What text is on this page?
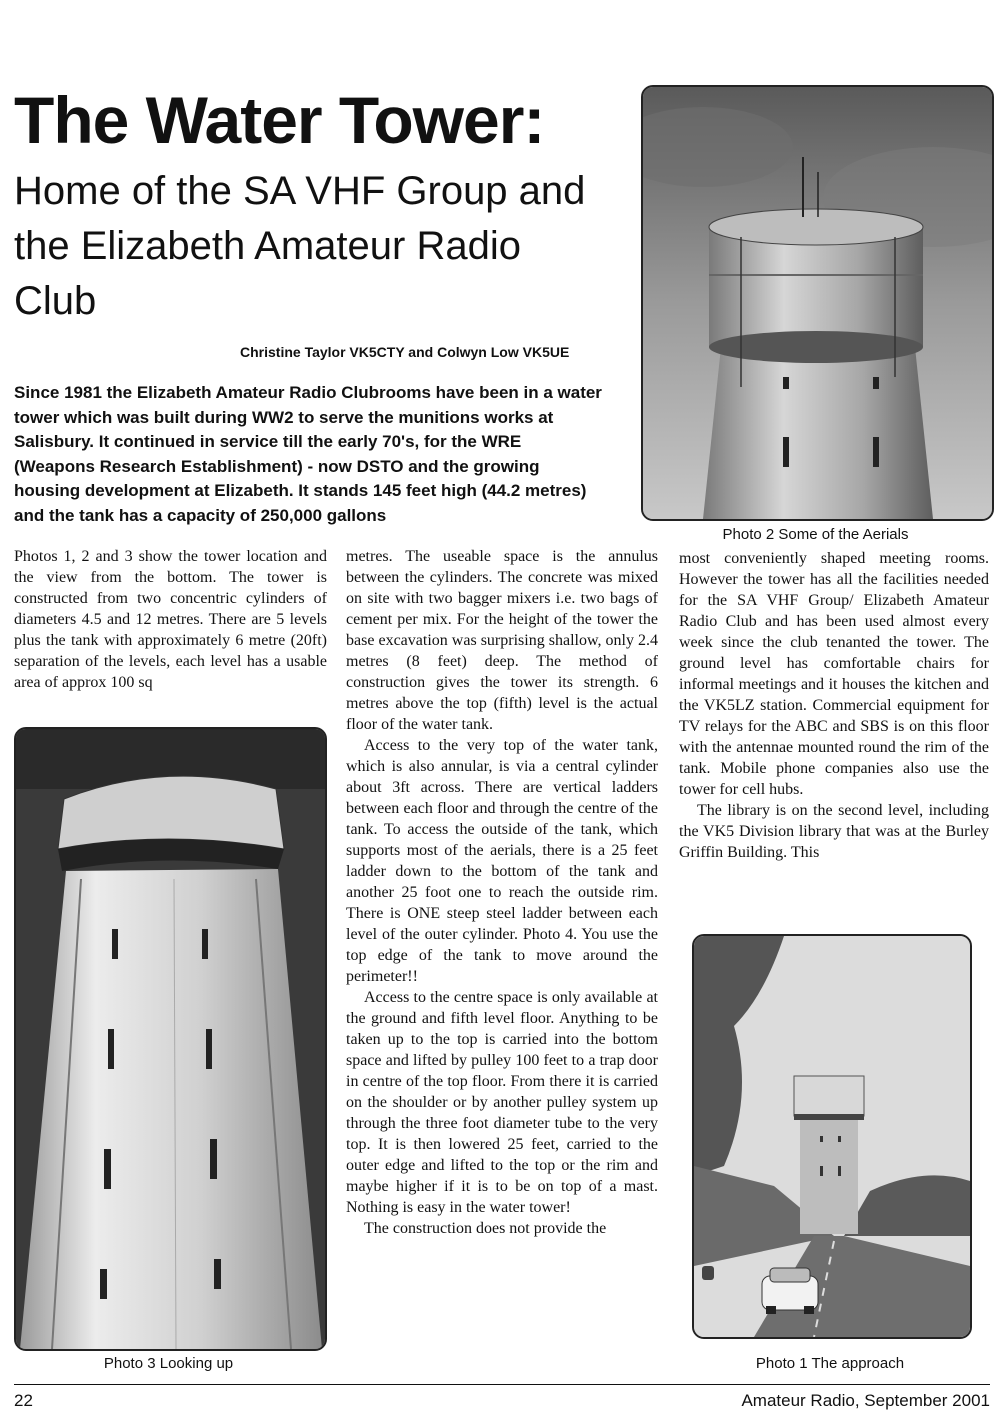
The Water Tower:
Home of the SA VHF Group and the Elizabeth Amateur Radio Club
Christine Taylor VK5CTY and Colwyn Low VK5UE

Since 1981 the Elizabeth Amateur Radio Clubrooms have been in a water tower which was built during WW2 to serve the munitions works at Salisbury. It continued in service till the early 70's, for the WRE (Weapons Research Establishment) - now DSTO and the growing housing development at Elizabeth. It stands 145 feet high (44.2 metres) and the tank has a capacity of 250,000 gallons

Photo 2 Some of the Aerials
Photo 3 Looking up	Photo 1 The approach

Photos 1, 2 and 3 show the tower location and the view from the bottom. The tower is constructed from two concentric cylinders of diameters 4.5 and 12 metres. There are 5 levels plus the tank with approximately 6 metre (20ft) separation of the levels, each level has a usable area of approx 100 sq

metres. The useable space is the annulus between the cylinders. The concrete was mixed on site with two bagger mixers i.e. two bags of cement per mix. For the height of the tower the base excavation was surprising shallow, only 2.4 metres (8 feet) deep. The method of construction gives the tower its strength. 6 metres above the top (fifth) level is the actual floor of the water tank.

Access to the very top of the water tank, which is also annular, is via a central cylinder about 3ft across. There are vertical ladders between each floor and through the centre of the tank. To access the outside of the tank, which supports most of the aerials, there is a 25 feet ladder down to the bottom of the tank and another 25 foot one to reach the outside rim. There is ONE steep steel ladder between each level of the outer cylinder. Photo 4. You use the top edge of the tank to move around the perimeter!!

Access to the centre space is only available at the ground and fifth level floor. Anything to be taken up to the top is carried into the bottom space and lifted by pulley 100 feet to a trap door in centre of the top floor. From there it is carried on the shoulder or by another pulley system up through the three foot diameter tube to the very top. It is then lowered 25 feet, carried to the outer edge and lifted to the top or the rim and maybe higher if it is to be on top of a mast. Nothing is easy in the water tower!

The construction does not provide the

most conveniently shaped meeting rooms. However the tower has all the facilities needed for the SA VHF Group/ Elizabeth Amateur Radio Club and has been used almost every week since the club tenanted the tower. The ground level has comfortable chairs for informal meetings and it houses the kitchen and the VK5LZ station. Commercial equipment for TV relays for the ABC and SBS is on this floor with the antennae mounted round the rim of the tank. Mobile phone companies also use the tower for cell hubs.

The library is on the second level, including the VK5 Division library that was at the Burley Griffin Building. This

22	Amateur Radio, September 2001
